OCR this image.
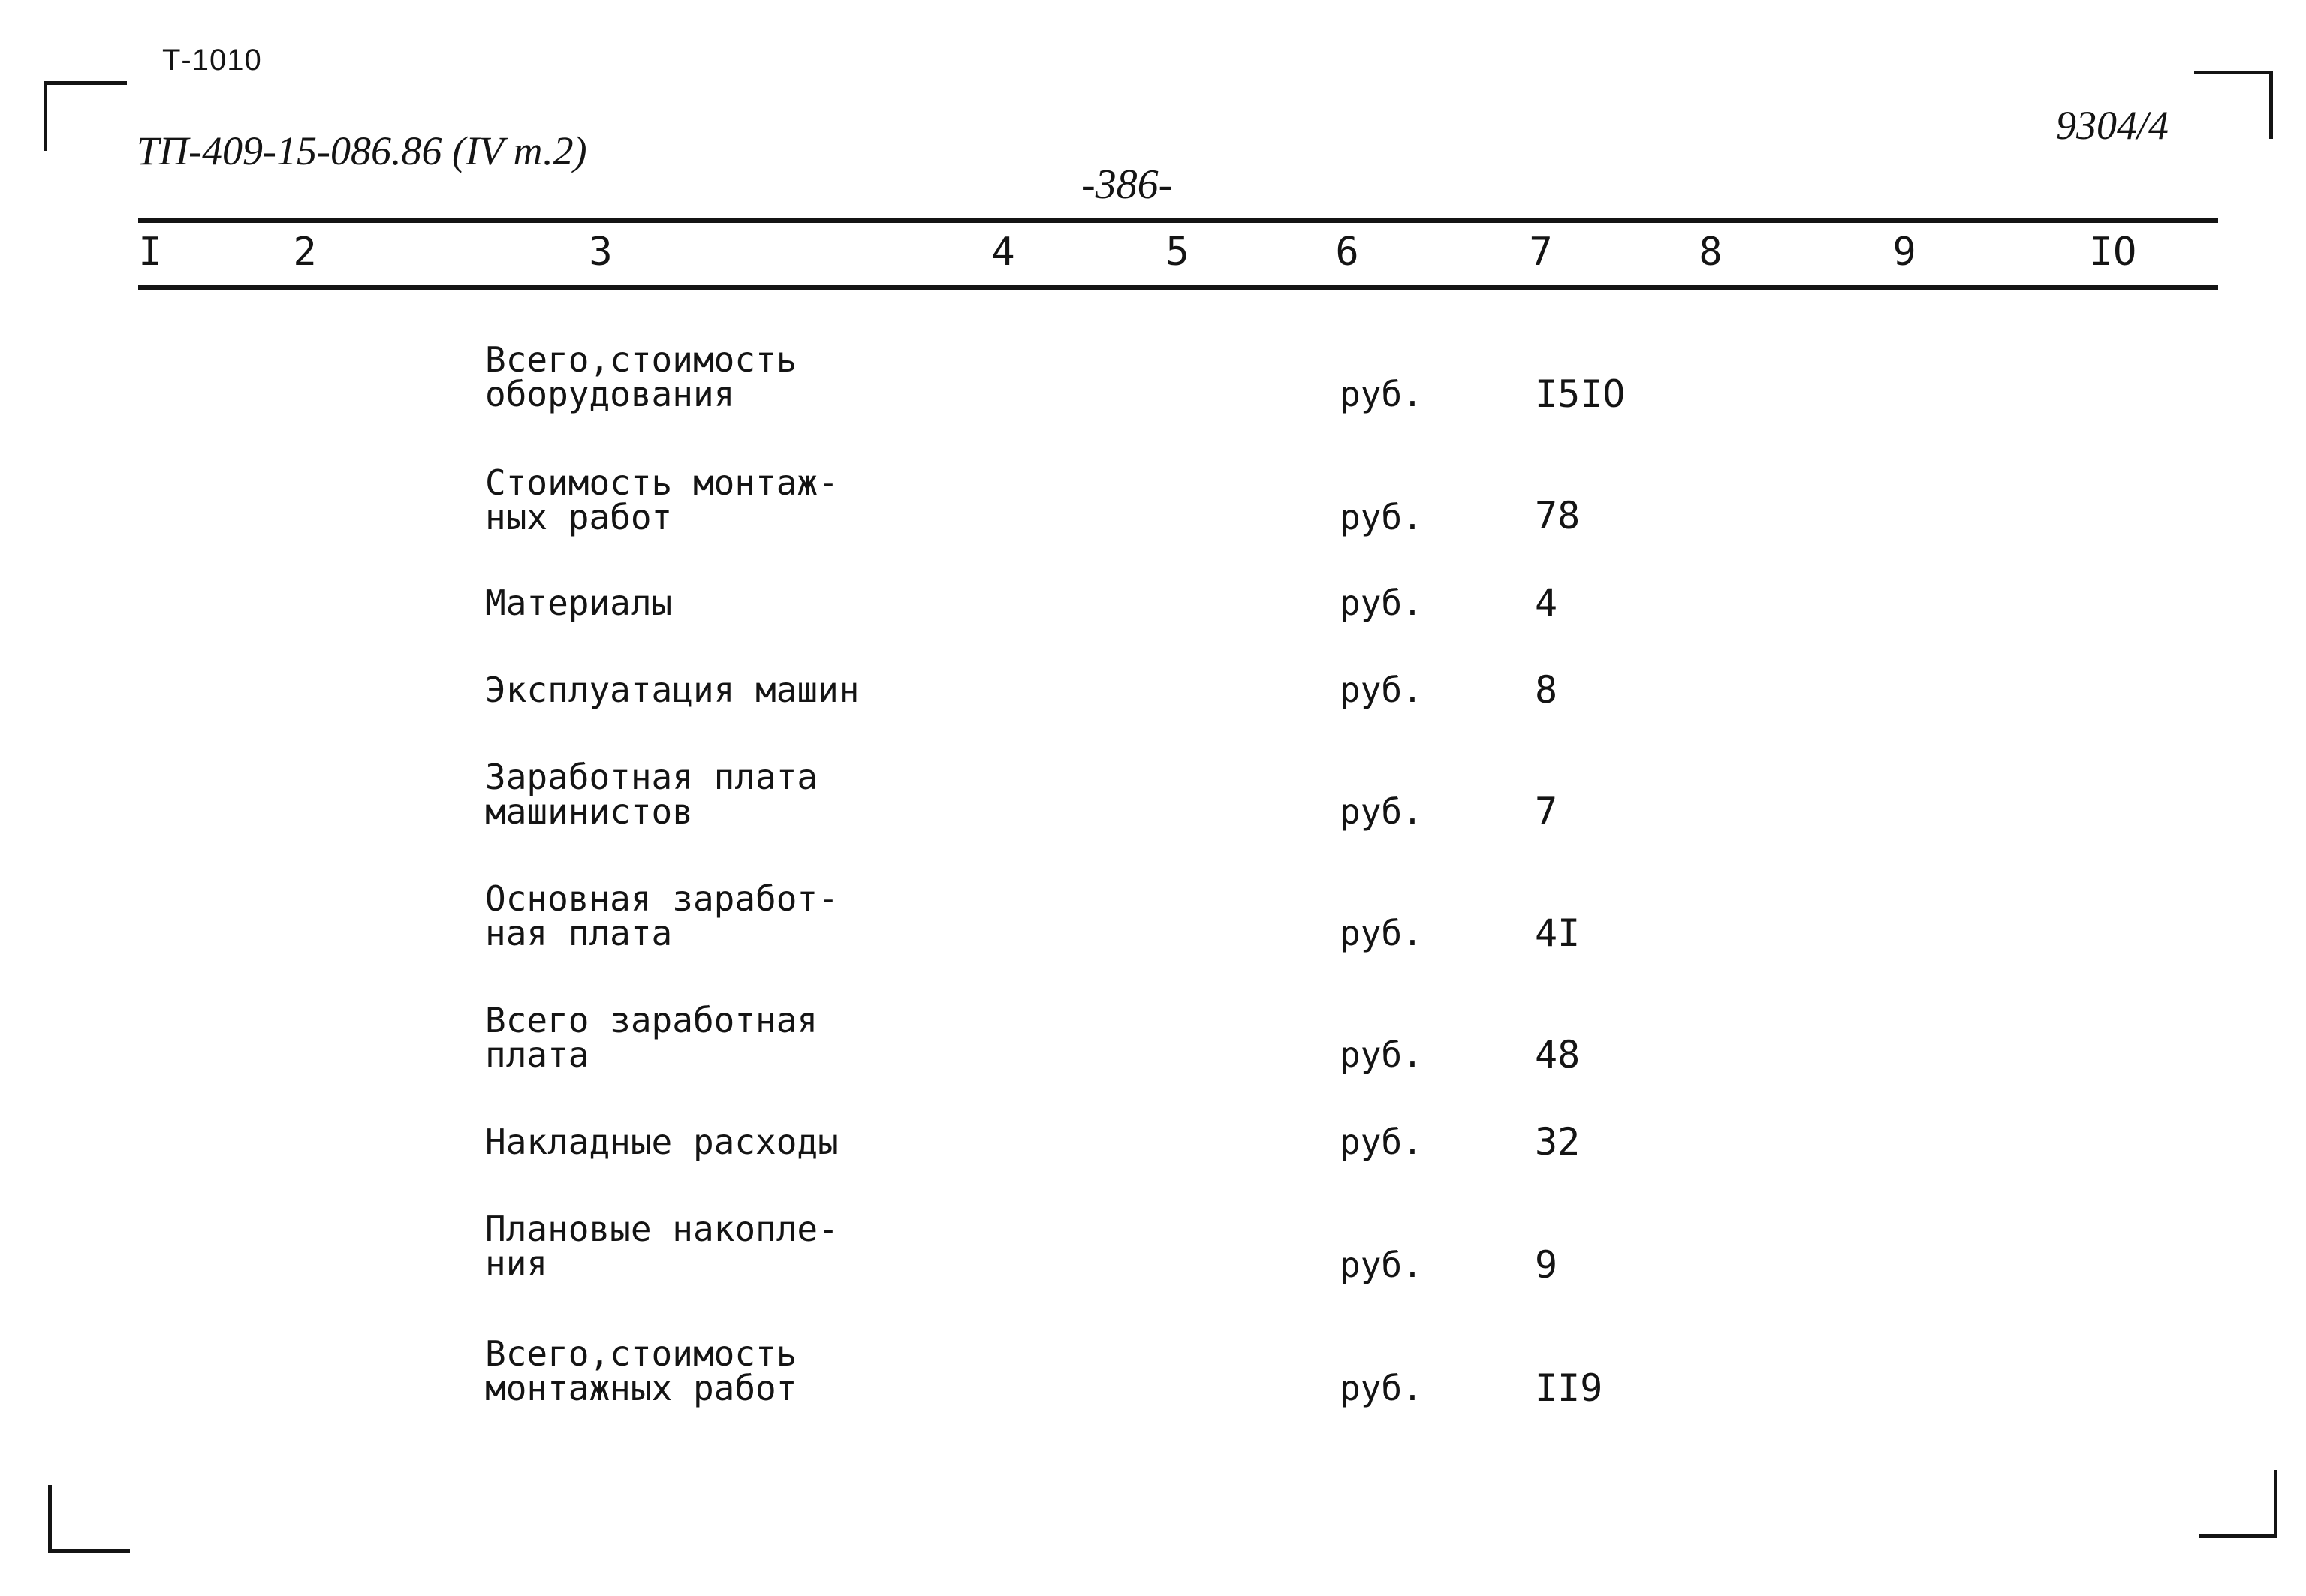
Т-1010
ТП-409-15-086.86 (IV т.2)
-386-
9304/4
I	2	3	4	5	6	7	8	9	IO
Всего,стоимость
оборудования	руб.	I5IO
Стоимость монтаж-
ных работ	руб.	78
Материалы	руб.	4
Эксплуатация машин	руб.	8
Заработная плата
машинистов	руб.	7
Основная заработ-
ная плата	руб.	4I
Всего заработная
плата	руб.	48
Накладные расходы	руб.	32
Плановые накопле-
ния	руб.	9
Всего,стоимость
монтажных работ	руб.	II9
